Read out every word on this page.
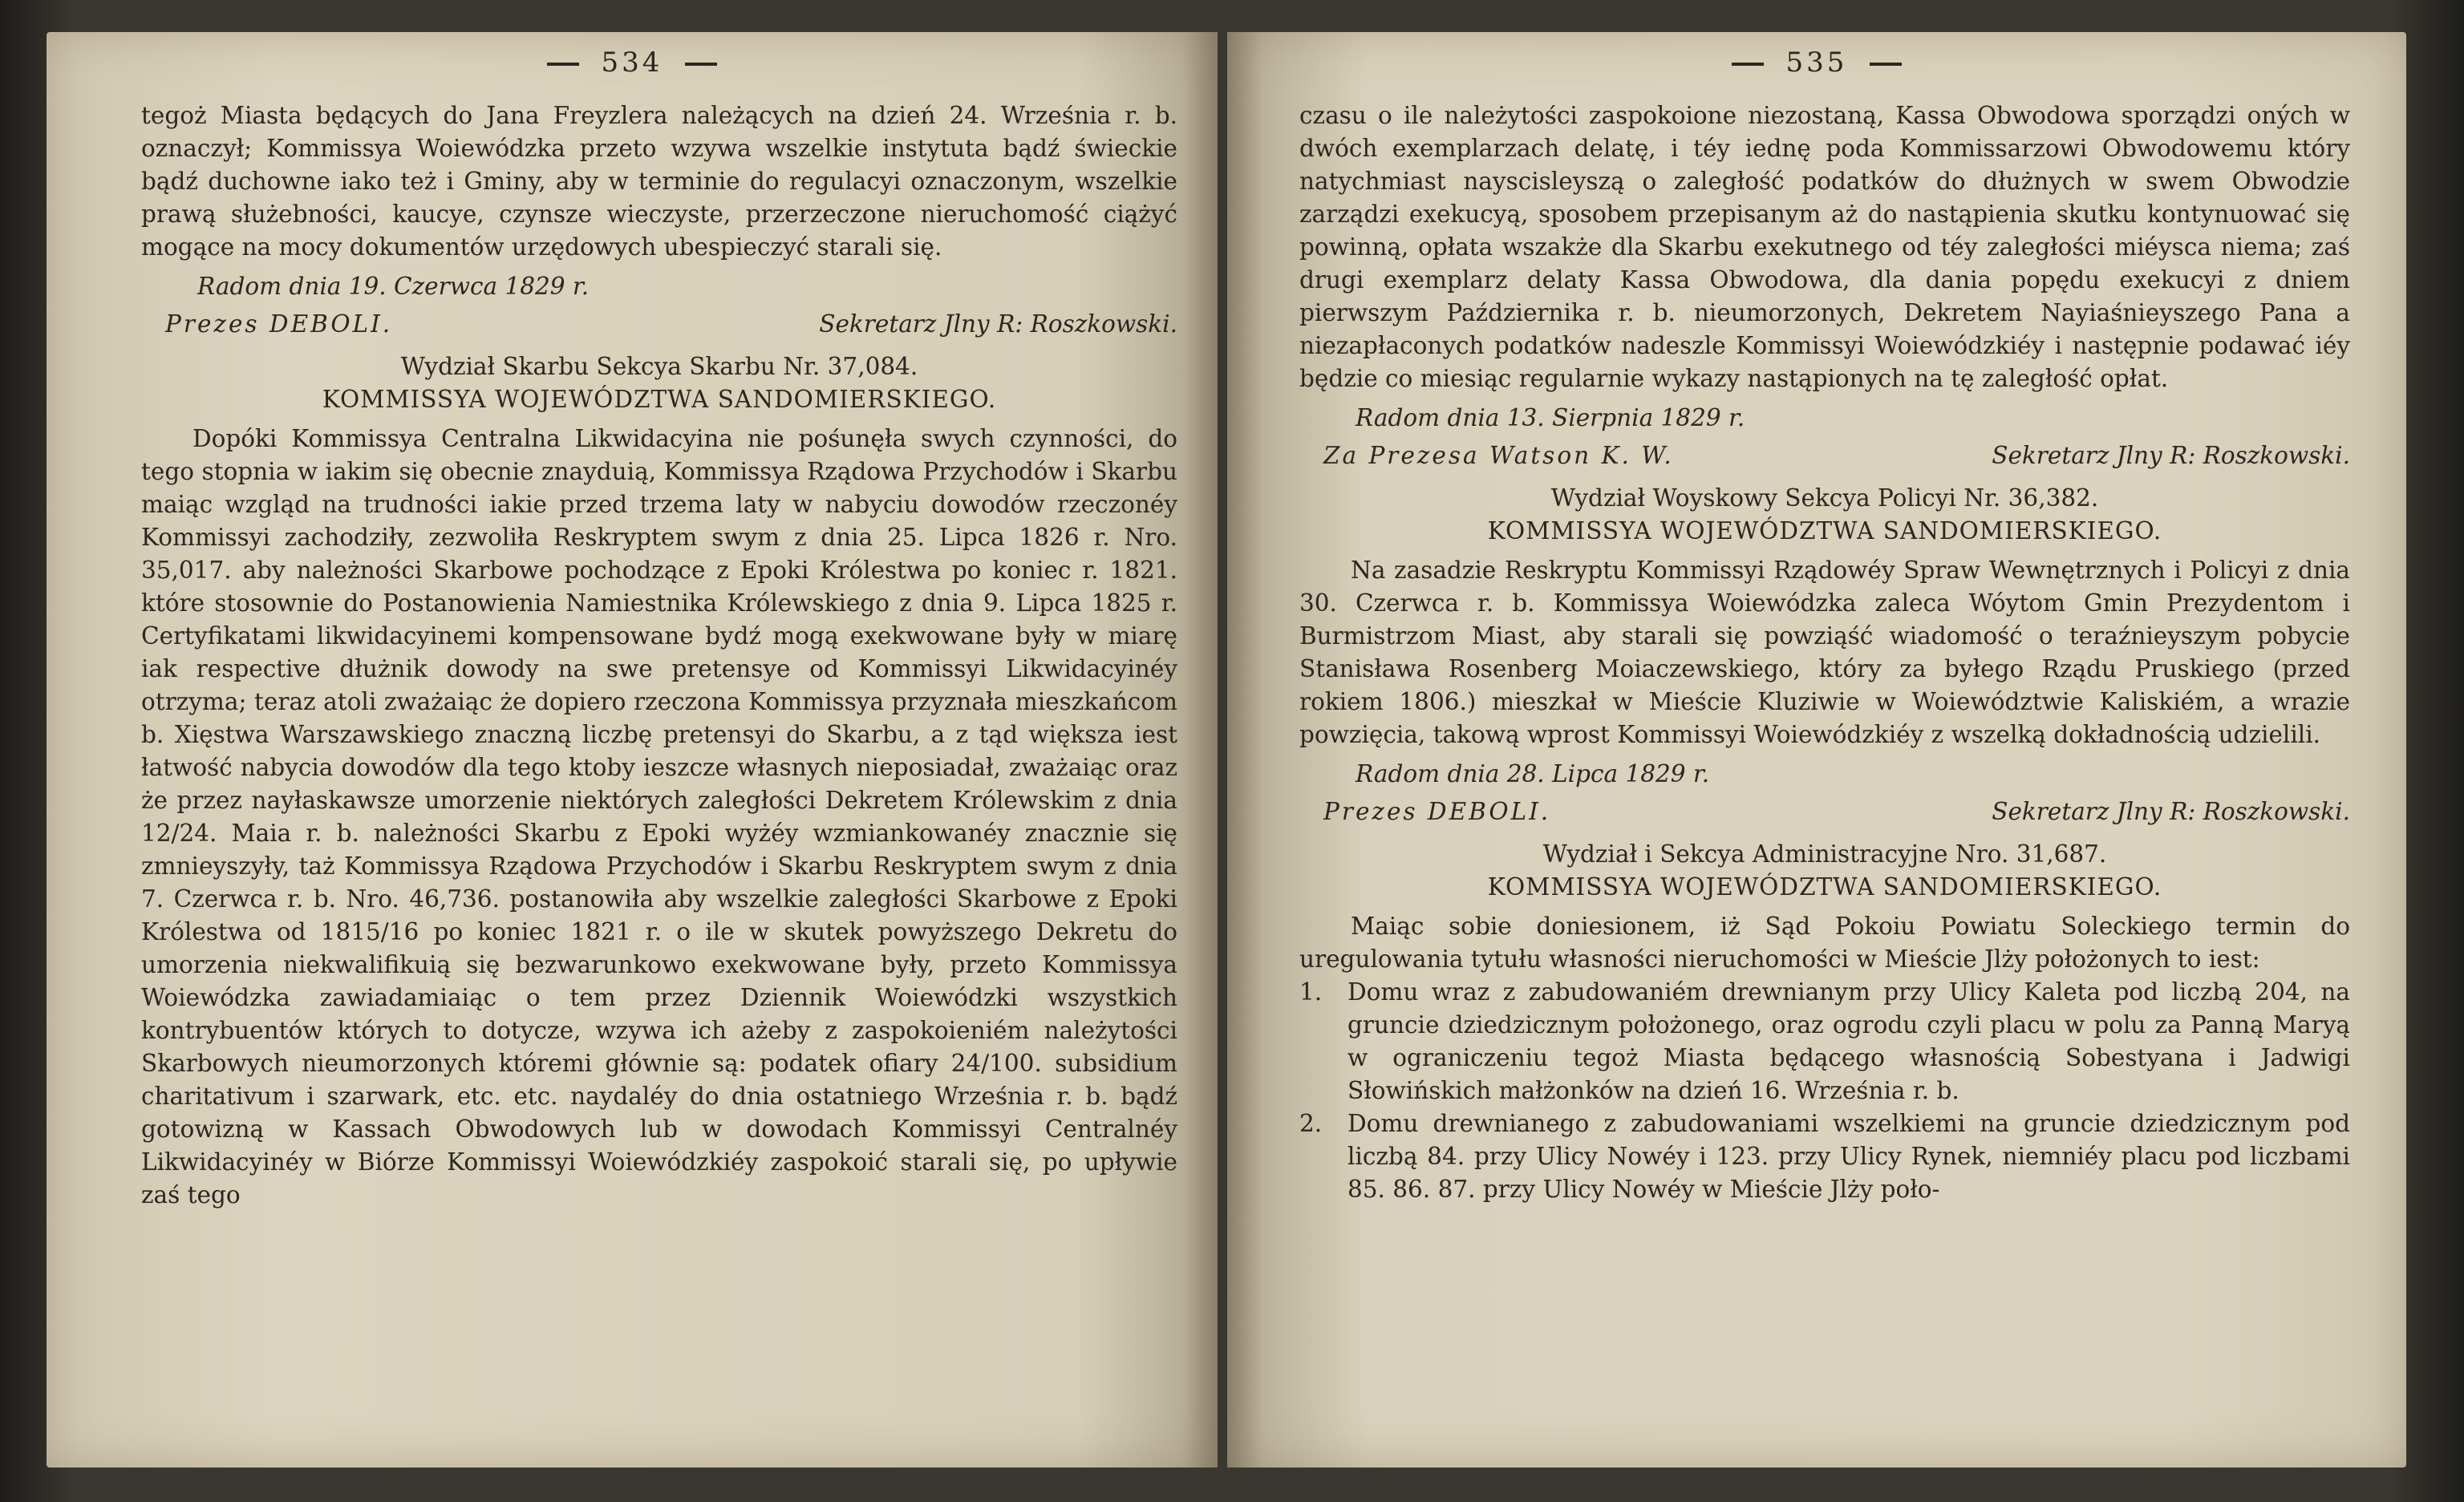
534

tegoż Miasta będących do Jana Freyzlera należących na dzień 24. Września r. b. oznaczył; Kommissya Woiewódzka przeto wzywa wszelkie instytuta bądź świeckie bądź duchowne iako też i Gminy, aby w terminie do regulacyi oznaczonym, wszelkie prawą służebności, kaucye, czynsze wieczyste, przerzeczone nieruchomość ciążyć mogące na mocy dokumentów urzędowych ubespieczyć starali się.

Radom dnia 19. Czerwca 1829 r.
Prezes DEBOLI.	Sekretarz Jlny R: Roszkowski.
Wydział Skarbu Sekcya Skarbu Nr. 37,084.
KOMMISSYA WOJEWÓDZTWA SANDOMIERSKIEGO.

Dopóki Kommissya Centralna Likwidacyina nie pośunęła swych czynności, do tego stopnia w iakim się obecnie znayduią, Kommissya Rządowa Przychodów i Skarbu maiąc wzgląd na trudności iakie przed trzema laty w nabyciu dowodów rzeczonéy Kommissyi zachodziły, zezwoliła Reskryptem swym z dnia 25. Lipca 1826 r. Nro. 35,017. aby należności Skarbowe pochodzące z Epoki Królestwa po koniec r. 1821. które stosownie do Postanowienia Namiestnika Królewskiego z dnia 9. Lipca 1825 r. Certyfikatami likwidacyinemi kompensowane bydź mogą exekwowane były w miarę iak respective dłużnik dowody na swe pretensye od Kommissyi Likwidacyinéy otrzyma; teraz atoli zważaiąc że dopiero rzeczona Kommissya przyznała mieszkańcom b. Xięstwa Warszawskiego znaczną liczbę pretensyi do Skarbu, a z tąd większa iest łatwość nabycia dowodów dla tego ktoby ieszcze własnych nieposiadał, zważaiąc oraz że przez nayłaskawsze umorzenie niektórych zaległości Dekretem Królewskim z dnia 12/24. Maia r. b. należności Skarbu z Epoki wyżéy wzmiankowanéy znacznie się zmnieyszyły, taż Kommissya Rządowa Przychodów i Skarbu Reskryptem swym z dnia 7. Czerwca r. b. Nro. 46,736. postanowiła aby wszelkie zaległości Skarbowe z Epoki Królestwa od 1815/16 po koniec 1821 r. o ile w skutek powyższego Dekretu do umorzenia niekwalifikuią się bezwarunkowo exekwowane były, przeto Kommissya Woiewódzka zawiadamiaiąc o tem przez Dziennik Woiewódzki wszystkich kontrybuentów których to dotycze, wzywa ich ażeby z zaspokoieniém należytości Skarbowych nieumorzonych któremi głównie są: podatek ofiary 24/100. subsidium charitativum i szarwark, etc. etc. naydaléy do dnia ostatniego Września r. b. bądź gotowizną w Kassach Obwodowych lub w dowodach Kommissyi Centralnéy Likwidacyinéy w Biórze Kommissyi Woiewódzkiéy zaspokoić starali się, po upływie zaś tego

535

czasu o ile należytości zaspokoione niezostaną, Kassa Obwodowa sporządzi oných w dwóch exemplarzach delatę, i téy iednę poda Kommissarzowi Obwodowemu który natychmiast nayscisleyszą o zaległość podatków do dłużnych w swem Obwodzie zarządzi exekucyą, sposobem przepisanym aż do nastąpienia skutku kontynuować się powinną, opłata wszakże dla Skarbu exekutnego od téy zaległości miéysca niema; zaś drugi exemplarz delaty Kassa Obwodowa, dla dania popędu exekucyi z dniem pierwszym Października r. b. nieumorzonych, Dekretem Nayiaśnieyszego Pana a niezapłaconych podatków nadeszle Kommissyi Woiewódzkiéy i następnie podawać iéy będzie co miesiąc regularnie wykazy nastąpionych na tę zaległość opłat.

Radom dnia 13. Sierpnia 1829 r.
Za Prezesa Watson K. W.	Sekretarz Jlny R: Roszkowski.
Wydział Woyskowy Sekcya Policyi Nr. 36,382.
KOMMISSYA WOJEWÓDZTWA SANDOMIERSKIEGO.

Na zasadzie Reskryptu Kommissyi Rządowéy Spraw Wewnętrznych i Policyi z dnia 30. Czerwca r. b. Kommissya Woiewódzka zaleca Wóytom Gmin Prezydentom i Burmistrzom Miast, aby starali się powziąść wiadomość o teraźnieyszym pobycie Stanisława Rosenberg Moiaczewskiego, który za byłego Rządu Pruskiego (przed rokiem 1806.) mieszkał w Mieście Kluziwie w Woiewództwie Kaliskiém, a wrazie powzięcia, takową wprost Kommissyi Woiewódzkiéy z wszelką dokładnością udzielili.

Radom dnia 28. Lipca 1829 r.
Prezes DEBOLI.	Sekretarz Jlny R: Roszkowski.
Wydział i Sekcya Administracyjne Nro. 31,687.
KOMMISSYA WOJEWÓDZTWA SANDOMIERSKIEGO.

Maiąc sobie doniesionem, iż Sąd Pokoiu Powiatu Soleckiego termin do uregulowania tytułu własności nieruchomości w Mieście Jlży położonych to iest:

1.	Domu wraz z zabudowaniém drewnianym przy Ulicy Kaleta pod liczbą 204, na gruncie dziedzicznym położonego, oraz ogrodu czyli placu w polu za Panną Maryą w ograniczeniu tegoż Miasta będącego własnością Sobestyana i Jadwigi Słowińskich małżonków na dzień 16. Września r. b.
2.	Domu drewnianego z zabudowaniami wszelkiemi na gruncie dziedzicznym pod liczbą 84. przy Ulicy Nowéy i 123. przy Ulicy Rynek, niemniéy placu pod liczbami 85. 86. 87. przy Ulicy Nowéy w Mieście Jlży poło-
